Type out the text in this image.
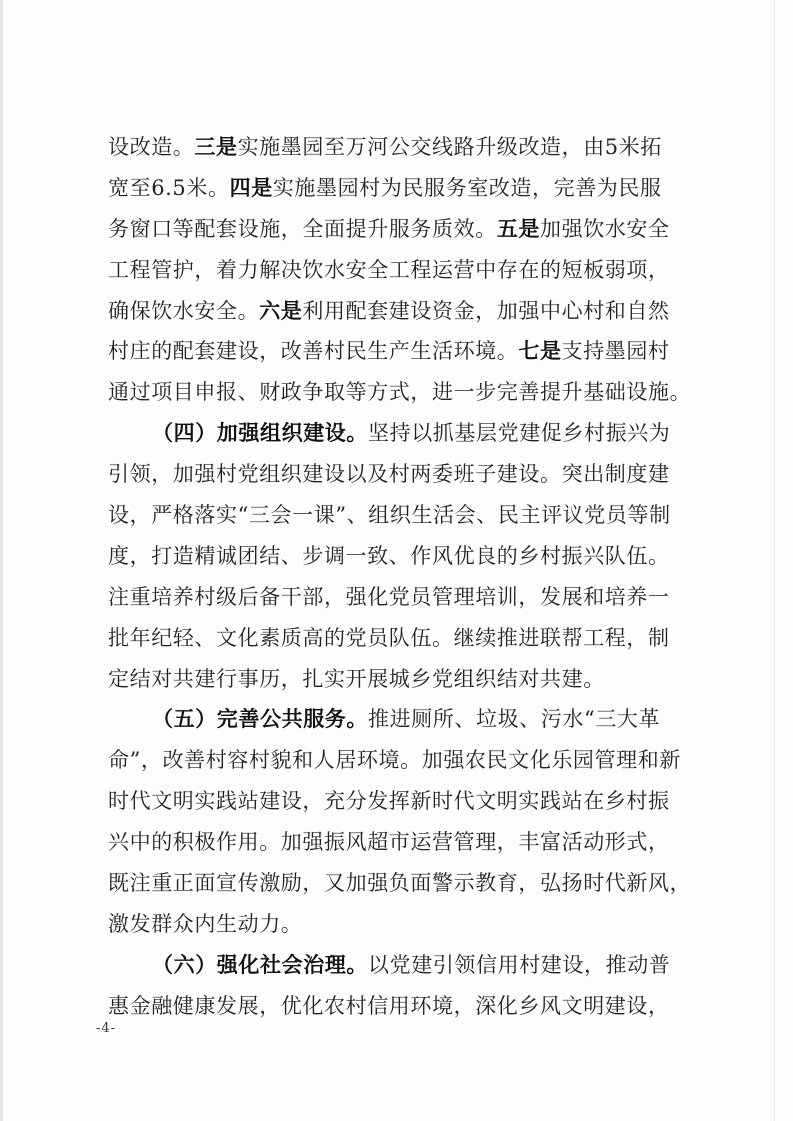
设改造。三是实施墨园至万河公交线路升级改造，由5米拓
宽至6.5米。四是实施墨园村为民服务室改造，完善为民服
务窗口等配套设施，全面提升服务质效。五是加强饮水安全
工程管护，着力解决饮水安全工程运营中存在的短板弱项，
确保饮水安全。六是利用配套建设资金，加强中心村和自然
村庄的配套建设，改善村民生产生活环境。七是支持墨园村
通过项目申报、财政争取等方式，进一步完善提升基础设施。
（四）加强组织建设。坚持以抓基层党建促乡村振兴为
引领，加强村党组织建设以及村两委班子建设。突出制度建
设，严格落实“三会一课”、组织生活会、民主评议党员等制
度，打造精诚团结、步调一致、作风优良的乡村振兴队伍。
注重培养村级后备干部，强化党员管理培训，发展和培养一
批年纪轻、文化素质高的党员队伍。继续推进联帮工程，制
定结对共建行事历，扎实开展城乡党组织结对共建。
（五）完善公共服务。推进厕所、垃圾、污水“三大革
命”，改善村容村貌和人居环境。加强农民文化乐园管理和新
时代文明实践站建设，充分发挥新时代文明实践站在乡村振
兴中的积极作用。加强振风超市运营管理，丰富活动形式，
既注重正面宣传激励，又加强负面警示教育，弘扬时代新风，
激发群众内生动力。
（六）强化社会治理。以党建引领信用村建设，推动普
惠金融健康发展，优化农村信用环境，深化乡风文明建设，
-4-
